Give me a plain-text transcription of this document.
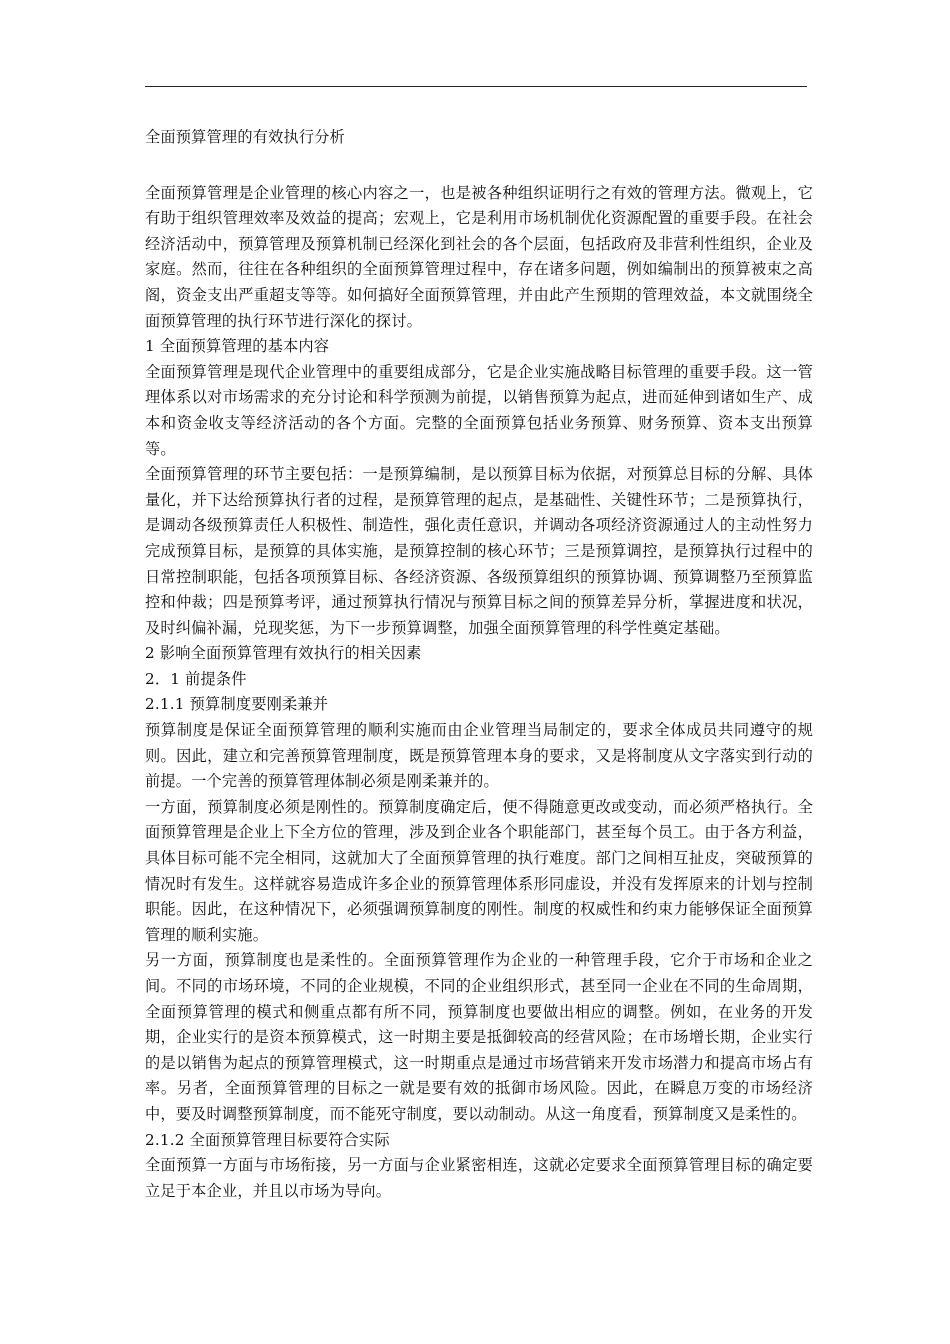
全面预算管理的有效执行分析

全面预算管理是企业管理的核心内容之一，也是被各种组织证明行之有效的管理方法。微观上，它有助于组织管理效率及效益的提高；宏观上，它是利用市场机制优化资源配置的重要手段。在社会经济活动中，预算管理及预算机制已经深化到社会的各个层面，包括政府及非营利性组织，企业及家庭。然而，往往在各种组织的全面预算管理过程中，存在诸多问题，例如编制出的预算被束之高阁，资金支出严重超支等等。如何搞好全面预算管理，并由此产生预期的管理效益，本文就围绕全面预算管理的执行环节进行深化的探讨。

1 全面预算管理的基本内容

全面预算管理是现代企业管理中的重要组成部分，它是企业实施战略目标管理的重要手段。这一管理体系以对市场需求的充分讨论和科学预测为前提，以销售预算为起点，进而延伸到诸如生产、成本和资金收支等经济活动的各个方面。完整的全面预算包括业务预算、财务预算、资本支出预算等。

全面预算管理的环节主要包括：一是预算编制，是以预算目标为依据，对预算总目标的分解、具体量化，并下达给预算执行者的过程，是预算管理的起点，是基础性、关键性环节；二是预算执行，是调动各级预算责任人积极性、制造性，强化责任意识，并调动各项经济资源通过人的主动性努力完成预算目标，是预算的具体实施，是预算控制的核心环节；三是预算调控，是预算执行过程中的日常控制职能，包括各项预算目标、各经济资源、各级预算组织的预算协调、预算调整乃至预算监控和仲裁；四是预算考评，通过预算执行情况与预算目标之间的预算差异分析，掌握进度和状况，及时纠偏补漏，兑现奖惩，为下一步预算调整，加强全面预算管理的科学性奠定基础。

2 影响全面预算管理有效执行的相关因素

2．1 前提条件

2.1.1 预算制度要刚柔兼并

预算制度是保证全面预算管理的顺利实施而由企业管理当局制定的，要求全体成员共同遵守的规则。因此，建立和完善预算管理制度，既是预算管理本身的要求，又是将制度从文字落实到行动的前提。一个完善的预算管理体制必须是刚柔兼并的。

一方面，预算制度必须是刚性的。预算制度确定后，便不得随意更改或变动，而必须严格执行。全面预算管理是企业上下全方位的管理，涉及到企业各个职能部门，甚至每个员工。由于各方利益，具体目标可能不完全相同，这就加大了全面预算管理的执行难度。部门之间相互扯皮，突破预算的情况时有发生。这样就容易造成许多企业的预算管理体系形同虚设，并没有发挥原来的计划与控制职能。因此，在这种情况下，必须强调预算制度的刚性。制度的权威性和约束力能够保证全面预算管理的顺利实施。

另一方面，预算制度也是柔性的。全面预算管理作为企业的一种管理手段，它介于市场和企业之间。不同的市场环境，不同的企业规模，不同的企业组织形式，甚至同一企业在不同的生命周期，全面预算管理的模式和侧重点都有所不同，预算制度也要做出相应的调整。例如，在业务的开发期，企业实行的是资本预算模式，这一时期主要是抵御较高的经营风险；在市场增长期，企业实行的是以销售为起点的预算管理模式，这一时期重点是通过市场营销来开发市场潜力和提高市场占有率。另者，全面预算管理的目标之一就是要有效的抵御市场风险。因此，在瞬息万变的市场经济中，要及时调整预算制度，而不能死守制度，要以动制动。从这一角度看，预算制度又是柔性的。

2.1.2 全面预算管理目标要符合实际

全面预算一方面与市场衔接，另一方面与企业紧密相连，这就必定要求全面预算管理目标的确定要立足于本企业，并且以市场为导向。
